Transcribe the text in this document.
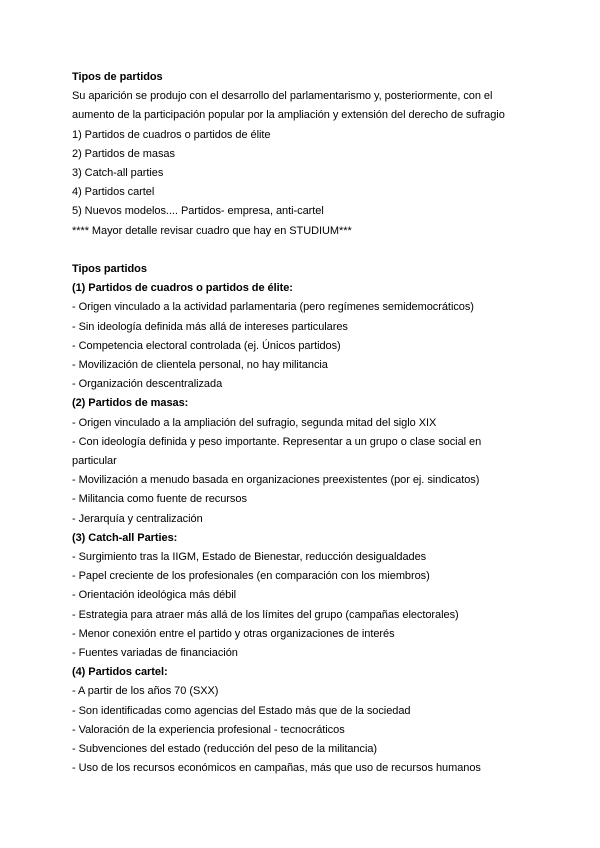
Tipos de partidos

Su aparición se produjo con el desarrollo del parlamentarismo y, posteriormente, con el

aumento de la participación popular por la ampliación y extensión del derecho de sufragio

1) Partidos de cuadros o partidos de élite

2) Partidos de masas

3) Catch-all parties

4) Partidos cartel

5) Nuevos modelos.... Partidos- empresa, anti-cartel

**** Mayor detalle revisar cuadro que hay en STUDIUM***

Tipos partidos

(1) Partidos de cuadros o partidos de élite:

- Origen vinculado a la actividad parlamentaria (pero regímenes semidemocráticos)

- Sin ideología definida más allá de intereses particulares

- Competencia electoral controlada (ej. Únicos partidos)

- Movilización de clientela personal, no hay militancia

- Organización descentralizada

(2) Partidos de masas:

- Origen vinculado a la ampliación del sufragio, segunda mitad del siglo XIX

- Con ideología definida y peso importante. Representar a un grupo o clase social en

particular

- Movilización a menudo basada en organizaciones preexistentes (por ej. sindicatos)

- Militancia como fuente de recursos

- Jerarquía y centralización

(3) Catch-all Parties:

- Surgimiento tras la IIGM, Estado de Bienestar, reducción desigualdades

- Papel creciente de los profesionales (en comparación con los miembros)

- Orientación ideológica más débil

- Estrategia para atraer más allá de los límites del grupo (campañas electorales)

- Menor conexión entre el partido y otras organizaciones de interés

- Fuentes variadas de financiación

(4) Partidos cartel:

- A partir de los años 70 (SXX)

- Son identificadas como agencias del Estado más que de la sociedad

- Valoración de la experiencia profesional - tecnocráticos

- Subvenciones del estado (reducción del peso de la militancia)

- Uso de los recursos económicos en campañas, más que uso de recursos humanos
